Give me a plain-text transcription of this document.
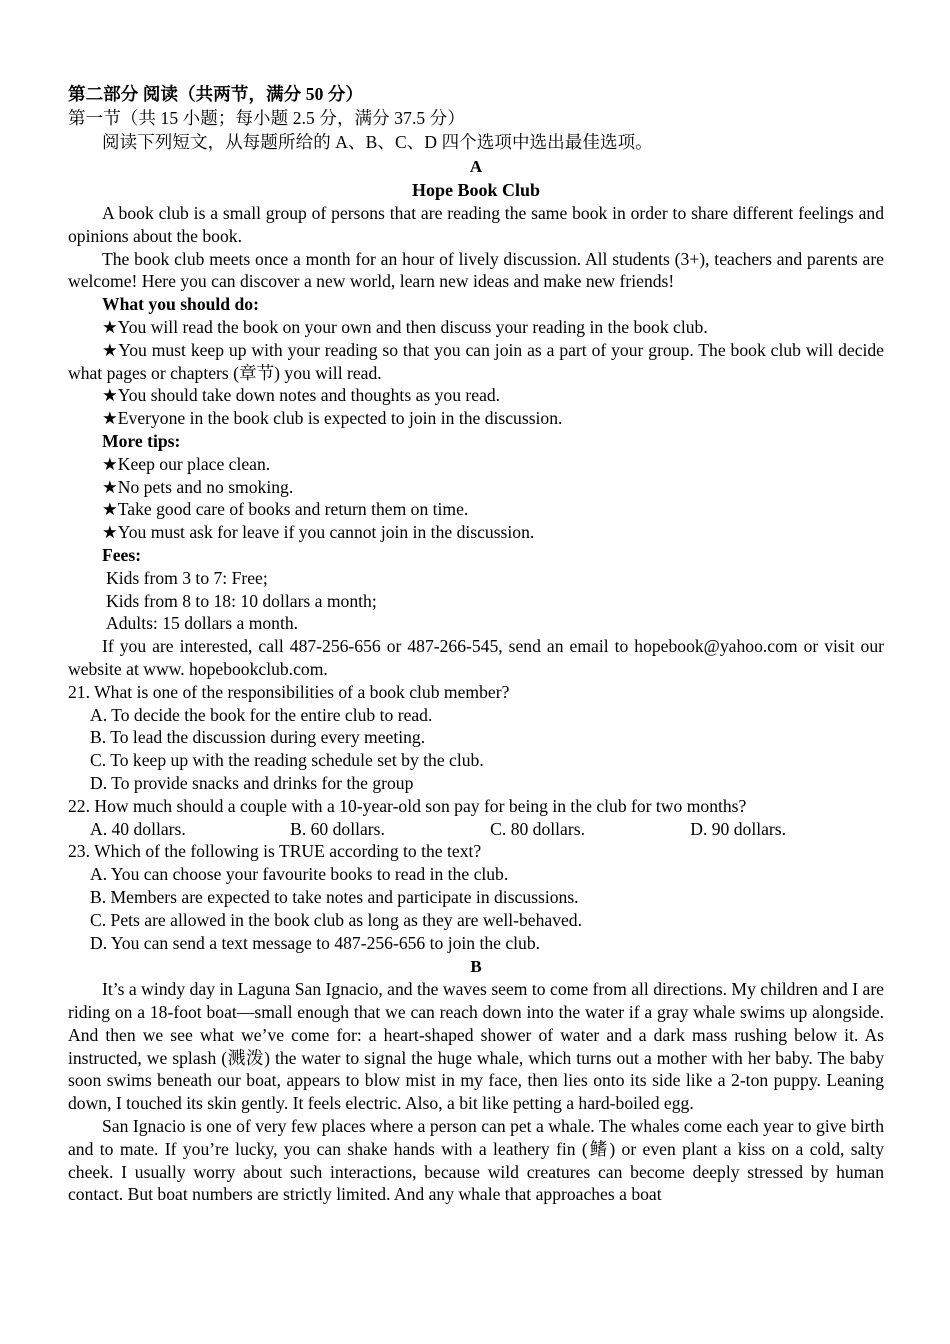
第二部分 阅读（共两节，满分 50 分）
第一节（共 15 小题；每小题 2.5 分，满分 37.5 分）
阅读下列短文，从每题所给的 A、B、C、D 四个选项中选出最佳选项。
A
Hope Book Club

A book club is a small group of persons that are reading the same book in order to share different feelings and opinions about the book.

The book club meets once a month for an hour of lively discussion. All students (3+), teachers and parents are welcome! Here you can discover a new world, learn new ideas and make new friends!

What you should do:

★You will read the book on your own and then discuss your reading in the book club.

★You must keep up with your reading so that you can join as a part of your group. The book club will decide what pages or chapters (章节) you will read.

★You should take down notes and thoughts as you read.

★Everyone in the book club is expected to join in the discussion.

More tips:

★Keep our place clean.

★No pets and no smoking.

★Take good care of books and return them on time.

★You must ask for leave if you cannot join in the discussion.

Fees:

Kids from 3 to 7: Free;

Kids from 8 to 18: 10 dollars a month;

Adults: 15 dollars a month.

If you are interested, call 487-256-656 or 487-266-545, send an email to hopebook@yahoo.com or visit our website at www. hopebookclub.com.

21. What is one of the responsibilities of a book club member?

A. To decide the book for the entire club to read.

B. To lead the discussion during every meeting.

C. To keep up with the reading schedule set by the club.

D. To provide snacks and drinks for the group

22. How much should a couple with a 10-year-old son pay for being in the club for two months?

A. 40 dollars.	B. 60 dollars.	C. 80 dollars.	D. 90 dollars.

23. Which of the following is TRUE according to the text?

A. You can choose your favourite books to read in the club.

B. Members are expected to take notes and participate in discussions.

C. Pets are allowed in the book club as long as they are well-behaved.

D. You can send a text message to 487-256-656 to join the club.

B

It’s a windy day in Laguna San Ignacio, and the waves seem to come from all directions. My children and I are riding on a 18-foot boat—small enough that we can reach down into the water if a gray whale swims up alongside. And then we see what we’ve come for: a heart-shaped shower of water and a dark mass rushing below it. As instructed, we splash (溅泼) the water to signal the huge whale, which turns out a mother with her baby. The baby soon swims beneath our boat, appears to blow mist in my face, then lies onto its side like a 2-ton puppy. Leaning down, I touched its skin gently. It feels electric. Also, a bit like petting a hard-boiled egg.

San Ignacio is one of very few places where a person can pet a whale. The whales come each year to give birth and to mate. If you’re lucky, you can shake hands with a leathery fin (鳍) or even plant a kiss on a cold, salty cheek. I usually worry about such interactions, because wild creatures can become deeply stressed by human contact. But boat numbers are strictly limited. And any whale that approaches a boat
